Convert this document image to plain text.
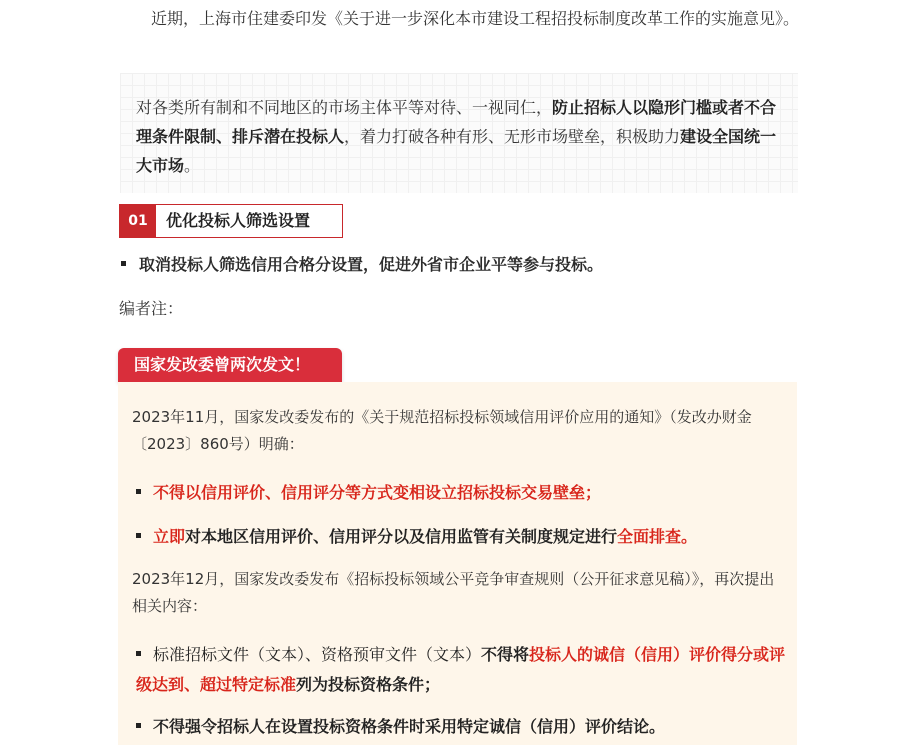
近期，上海市住建委印发《关于进一步深化本市建设工程招投标制度改革工作的实施意见》。
对各类所有制和不同地区的市场主体平等对待、一视同仁，防止招标人以隐形门槛或者不合理条件限制、排斥潜在投标人，着力打破各种有形、无形市场壁垒，积极助力建设全国统一大市场。
01	优化投标人筛选设置
取消投标人筛选信用合格分设置，促进外省市企业平等参与投标。
编者注：
国家发改委曾两次发文！
2023年11月，国家发改委发布的《关于规范招标投标领域信用评价应用的通知》（发改办财金〔2023〕860号）明确：
不得以信用评价、信用评分等方式变相设立招标投标交易壁垒；
立即对本地区信用评价、信用评分以及信用监管有关制度规定进行全面排查。
2023年12月，国家发改委发布《招标投标领域公平竞争审查规则（公开征求意见稿）》，再次提出相关内容：
标准招标文件（文本）、资格预审文件（文本）不得将投标人的诚信（信用）评价得分或评级达到、超过特定标准列为投标资格条件；
不得强令招标人在设置投标资格条件时采用特定诚信（信用）评价结论。
